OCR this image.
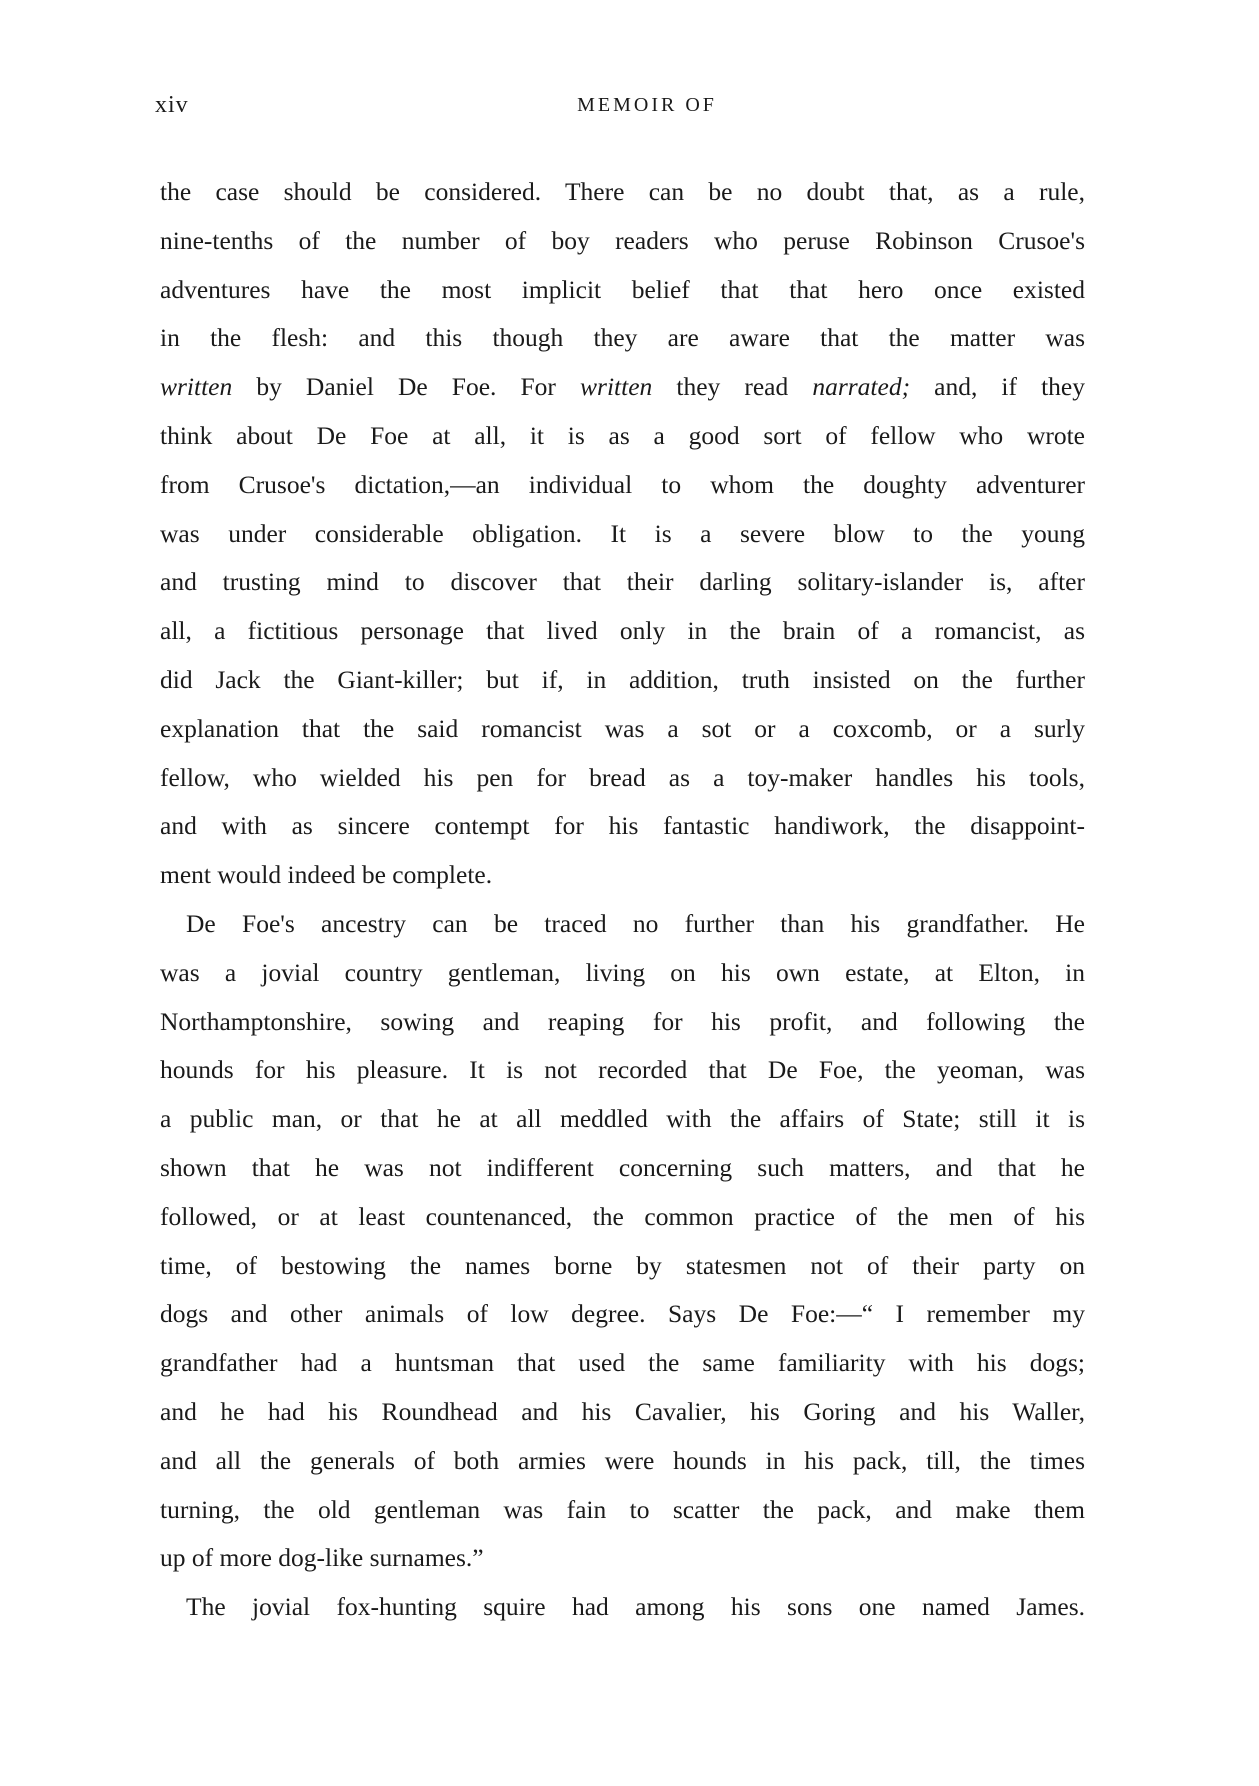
xiv	MEMOIR OF
the case should be considered. There can be no doubt that, as a rule,
nine-tenths of the number of boy readers who peruse Robinson Crusoe's
adventures have the most implicit belief that that hero once existed
in the flesh: and this though they are aware that the matter was
written by Daniel De Foe. For written they read narrated; and, if they
think about De Foe at all, it is as a good sort of fellow who wrote
from Crusoe's dictation,—an individual to whom the doughty adventurer
was under considerable obligation. It is a severe blow to the young
and trusting mind to discover that their darling solitary-islander is, after
all, a fictitious personage that lived only in the brain of a romancist, as
did Jack the Giant-killer; but if, in addition, truth insisted on the further
explanation that the said romancist was a sot or a coxcomb, or a surly
fellow, who wielded his pen for bread as a toy-maker handles his tools,
and with as sincere contempt for his fantastic handiwork, the disappoint-
ment would indeed be complete.
De Foe's ancestry can be traced no further than his grandfather. He
was a jovial country gentleman, living on his own estate, at Elton, in
Northamptonshire, sowing and reaping for his profit, and following the
hounds for his pleasure. It is not recorded that De Foe, the yeoman, was
a public man, or that he at all meddled with the affairs of State; still it is
shown that he was not indifferent concerning such matters, and that he
followed, or at least countenanced, the common practice of the men of his
time, of bestowing the names borne by statesmen not of their party on
dogs and other animals of low degree. Says De Foe:—“ I remember my
grandfather had a huntsman that used the same familiarity with his dogs;
and he had his Roundhead and his Cavalier, his Goring and his Waller,
and all the generals of both armies were hounds in his pack, till, the times
turning, the old gentleman was fain to scatter the pack, and make them
up of more dog-like surnames.”
The jovial fox-hunting squire had among his sons one named James.
